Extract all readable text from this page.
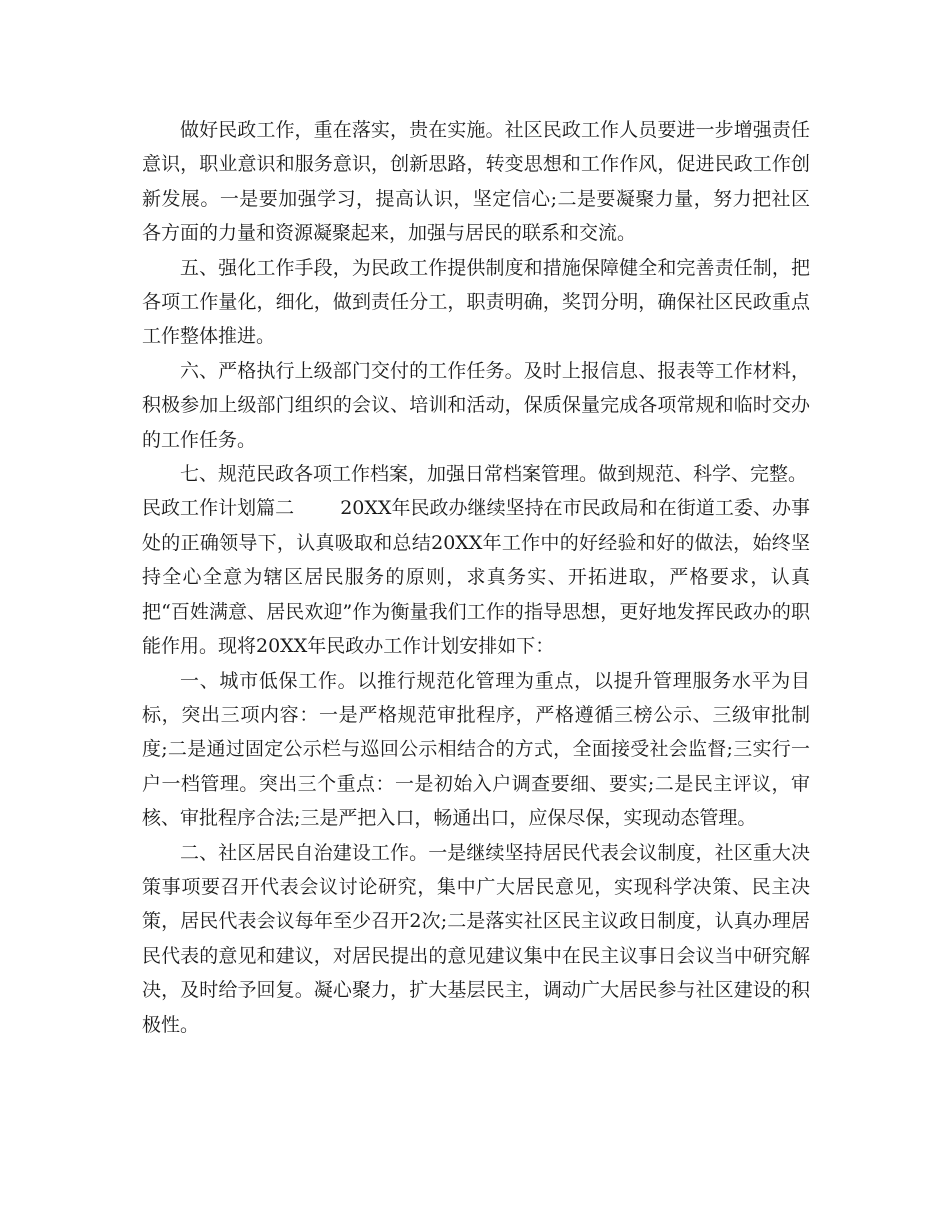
做好民政工作，重在落实，贵在实施。社区民政工作人员要进一步增强责任意识，职业意识和服务意识，创新思路，转变思想和工作作风，促进民政工作创新发展。一是要加强学习，提高认识，坚定信心;二是要凝聚力量，努力把社区各方面的力量和资源凝聚起来，加强与居民的联系和交流。

五、强化工作手段，为民政工作提供制度和措施保障健全和完善责任制，把各项工作量化，细化，做到责任分工，职责明确，奖罚分明，确保社区民政重点工作整体推进。

六、严格执行上级部门交付的工作任务。及时上报信息、报表等工作材料，积极参加上级部门组织的会议、培训和活动，保质保量完成各项常规和临时交办的工作任务。

七、规范民政各项工作档案，加强日常档案管理。做到规范、科学、完整。

民政工作计划篇二 20XX年民政办继续坚持在市民政局和在街道工委、办事处的正确领导下，认真吸取和总结20XX年工作中的好经验和好的做法，始终坚持全心全意为辖区居民服务的原则，求真务实、开拓进取，严格要求，认真把“百姓满意、居民欢迎”作为衡量我们工作的指导思想，更好地发挥民政办的职能作用。现将20XX年民政办工作计划安排如下：

一、城市低保工作。以推行规范化管理为重点，以提升管理服务水平为目标，突出三项内容：一是严格规范审批程序，严格遵循三榜公示、三级审批制度;二是通过固定公示栏与巡回公示相结合的方式，全面接受社会监督;三实行一户一档管理。突出三个重点：一是初始入户调查要细、要实;二是民主评议，审核、审批程序合法;三是严把入口，畅通出口，应保尽保，实现动态管理。

二、社区居民自治建设工作。一是继续坚持居民代表会议制度，社区重大决策事项要召开代表会议讨论研究，集中广大居民意见，实现科学决策、民主决策，居民代表会议每年至少召开2次;二是落实社区民主议政日制度，认真办理居民代表的意见和建议，对居民提出的意见建议集中在民主议事日会议当中研究解决，及时给予回复。凝心聚力，扩大基层民主，调动广大居民参与社区建设的积极性。
